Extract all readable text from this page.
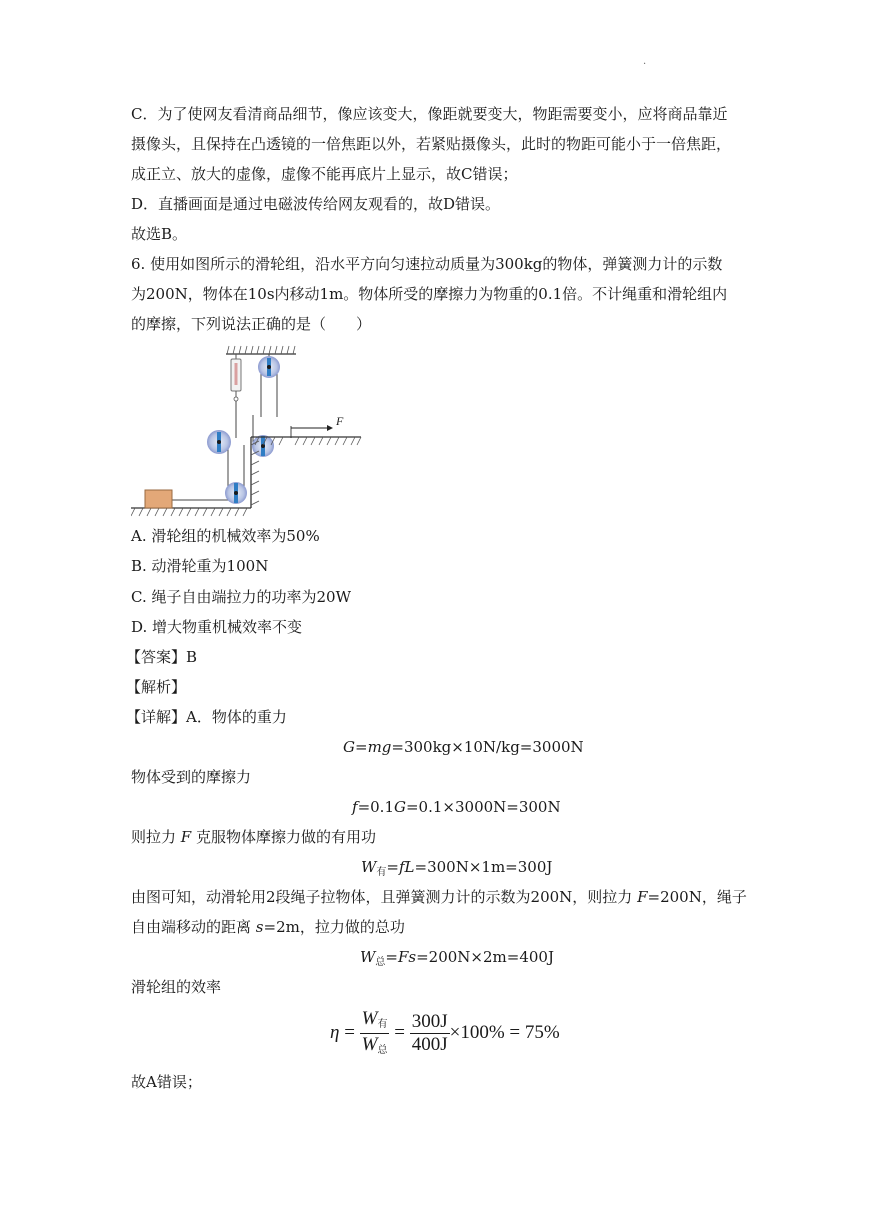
.
C．为了使网友看清商品细节，像应该变大，像距就要变大，物距需要变小，应将商品靠近
摄像头，且保持在凸透镜的一倍焦距以外，若紧贴摄像头，此时的物距可能小于一倍焦距，
成正立、放大的虚像，虚像不能再底片上显示，故C错误；
D．直播画面是通过电磁波传给网友观看的，故D错误。
故选B。
6. 使用如图所示的滑轮组，沿水平方向匀速拉动质量为300kg的物体，弹簧测力计的示数
为200N，物体在10s内移动1m。物体所受的摩擦力为物重的0.1倍。不计绳重和滑轮组内
的摩擦，下列说法正确的是（　　）
F
A. 滑轮组的机械效率为50%
B. 动滑轮重为100N
C. 绳子自由端拉力的功率为20W
D. 增大物重机械效率不变
【答案】B
【解析】
【详解】A．物体的重力
G=mg=300kg×10N/kg=3000N
物体受到的摩擦力
f=0.1G=0.1×3000N=300N
则拉力 F 克服物体摩擦力做的有用功
$W_有=fL=300N\times 1m=300J$
由图可知，动滑轮用2段绳子拉物体，且弹簧测力计的示数为200N，则拉力 F=200N，绳子
自由端移动的距离 s=2m，拉力做的总功
$W_总=Fs=200N\times 2m=400J$
滑轮组的效率
η =
W有
W总
= $\frac{300J}{400J} \times 100\% = 75\%$
故A错误；
